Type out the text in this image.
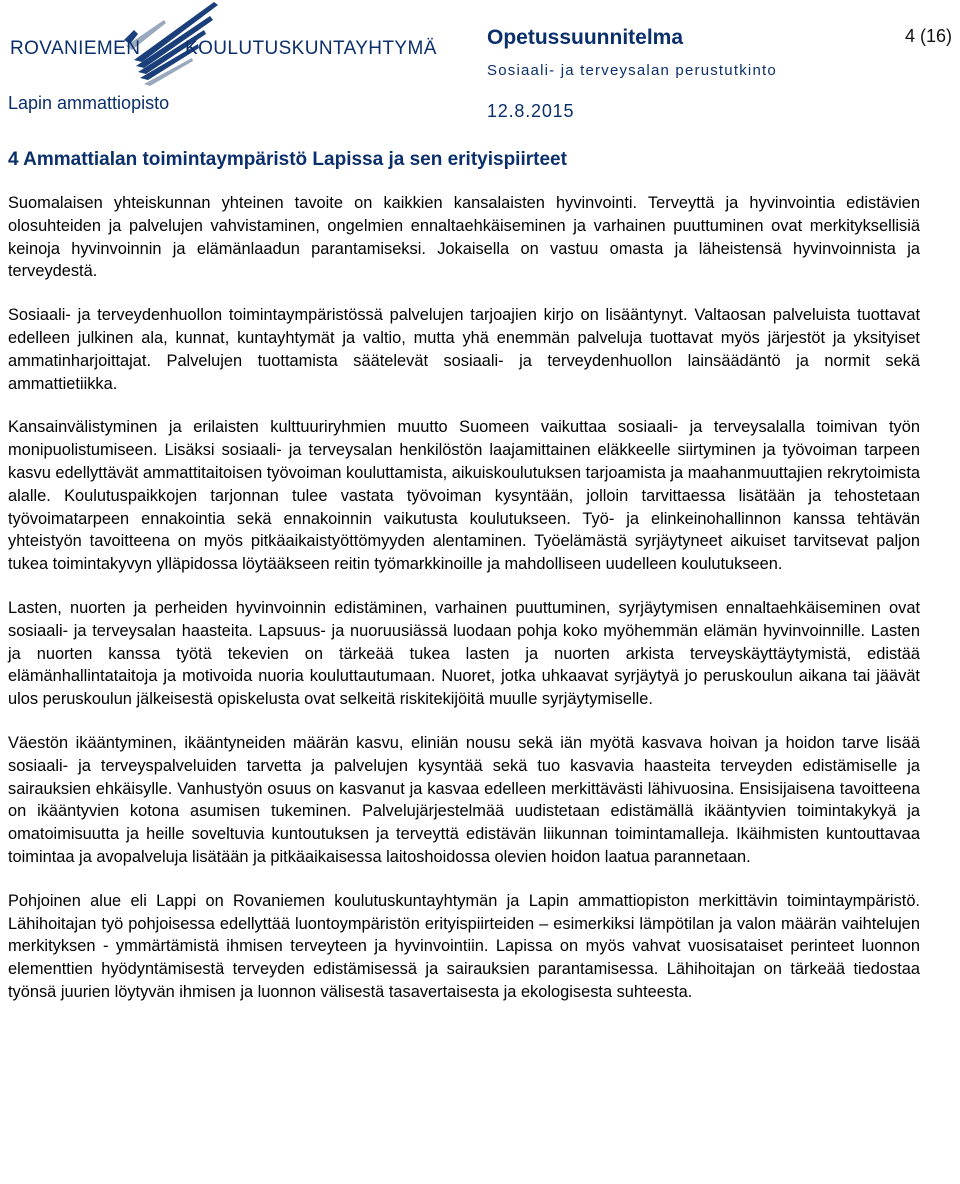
ROVANIEMEN KOULUTUSKUNTAYHTYMÄ
Lapin ammattiopisto
Opetussuunnitelma
Sosiaali- ja terveysalan perustutkinto
12.8.2015
4 (16)
4 Ammattialan toimintaympäristö Lapissa ja sen erityispiirteet

Suomalaisen yhteiskunnan yhteinen tavoite on kaikkien kansalaisten hyvinvointi. Terveyttä ja hyvinvointia edistävien olosuhteiden ja palvelujen vahvistaminen, ongelmien ennaltaehkäiseminen ja varhainen puuttuminen ovat merkityksellisiä keinoja hyvinvoinnin ja elämänlaadun parantamiseksi. Jokaisella on vastuu omasta ja läheistensä hyvinvoinnista ja terveydestä.

Sosiaali- ja terveydenhuollon toimintaympäristössä palvelujen tarjoajien kirjo on lisääntynyt. Valtaosan palveluista tuottavat edelleen julkinen ala, kunnat, kuntayhtymät ja valtio, mutta yhä enemmän palveluja tuottavat myös järjestöt ja yksityiset ammatinharjoittajat. Palvelujen tuottamista säätelevät sosiaali- ja terveydenhuollon lainsäädäntö ja normit sekä ammattietiikka.

Kansainvälistyminen ja erilaisten kulttuuriryhmien muutto Suomeen vaikuttaa sosiaali- ja terveysalalla toimivan työn monipuolistumiseen. Lisäksi sosiaali- ja terveysalan henkilöstön laajamittainen eläkkeelle siirtyminen ja työvoiman tarpeen kasvu edellyttävät ammattitaitoisen työvoiman kouluttamista, aikuiskoulutuksen tarjoamista ja maahanmuuttajien rekrytoimista alalle. Koulutuspaikkojen tarjonnan tulee vastata työvoiman kysyntään, jolloin tarvittaessa lisätään ja tehostetaan työvoimatarpeen ennakointia sekä ennakoinnin vaikutusta koulutukseen. Työ- ja elinkeinohallinnon kanssa tehtävän yhteistyön tavoitteena on myös pitkäaikaistyöttömyyden alentaminen. Työelämästä syrjäytyneet aikuiset tarvitsevat paljon tukea toimintakyvyn ylläpidossa löytääkseen reitin työmarkkinoille ja mahdolliseen uudelleen koulutukseen.

Lasten, nuorten ja perheiden hyvinvoinnin edistäminen, varhainen puuttuminen, syrjäytymisen ennaltaehkäiseminen ovat sosiaali- ja terveysalan haasteita. Lapsuus- ja nuoruusiässä luodaan pohja koko myöhemmän elämän hyvinvoinnille. Lasten ja nuorten kanssa työtä tekevien on tärkeää tukea lasten ja nuorten arkista terveyskäyttäytymistä, edistää elämänhallintataitoja ja motivoida nuoria kouluttautumaan. Nuoret, jotka uhkaavat syrjäytyä jo peruskoulun aikana tai jäävät ulos peruskoulun jälkeisestä opiskelusta ovat selkeitä riskitekijöitä muulle syrjäytymiselle.

Väestön ikääntyminen, ikääntyneiden määrän kasvu, eliniän nousu sekä iän myötä kasvava hoivan ja hoidon tarve lisää sosiaali- ja terveyspalveluiden tarvetta ja palvelujen kysyntää sekä tuo kasvavia haasteita terveyden edistämiselle ja sairauksien ehkäisylle. Vanhustyön osuus on kasvanut ja kasvaa edelleen merkittävästi lähivuosina. Ensisijaisena tavoitteena on ikääntyvien kotona asumisen tukeminen. Palvelujärjestelmää uudistetaan edistämällä ikääntyvien toimintakykyä ja omatoimisuutta ja heille soveltuvia kuntoutuksen ja terveyttä edistävän liikunnan toimintamalleja. Ikäihmisten kuntouttavaa toimintaa ja avopalveluja lisätään ja pitkäaikaisessa laitoshoidossa olevien hoidon laatua parannetaan.

Pohjoinen alue eli Lappi on Rovaniemen koulutuskuntayhtymän ja Lapin ammattiopiston merkittävin toimintaympäristö. Lähihoitajan työ pohjoisessa edellyttää luontoympäristön erityispiirteiden – esimerkiksi lämpötilan ja valon määrän vaihtelujen merkityksen - ymmärtämistä ihmisen terveyteen ja hyvinvointiin. Lapissa on myös vahvat vuosisataiset perinteet luonnon elementtien hyödyntämisestä terveyden edistämisessä ja sairauksien parantamisessa. Lähihoitajan on tärkeää tiedostaa työnsä juurien löytyvän ihmisen ja luonnon välisestä tasavertaisesta ja ekologisesta suhteesta.
